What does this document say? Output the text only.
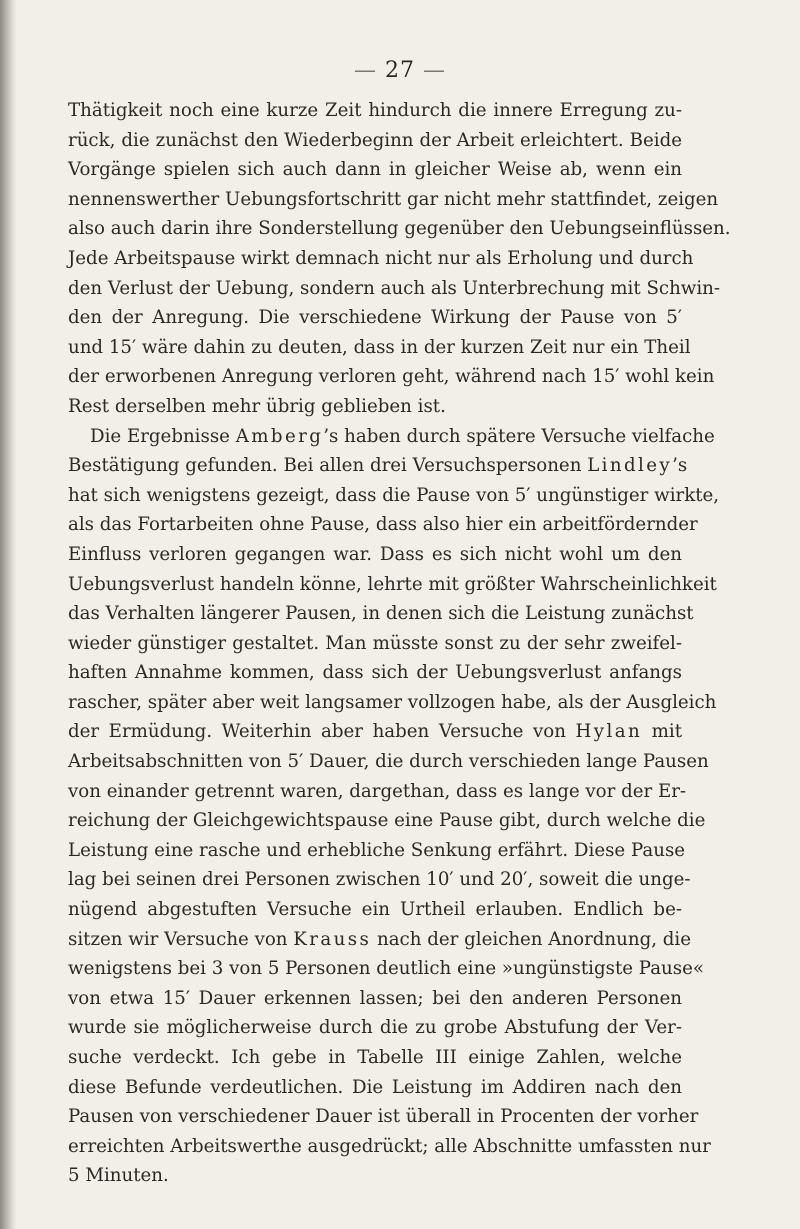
— 27 —
Thätigkeit noch eine kurze Zeit hindurch die innere Erregung zu-
rück, die zunächst den Wiederbeginn der Arbeit erleichtert. Beide
Vorgänge spielen sich auch dann in gleicher Weise ab, wenn ein
nennenswerther Uebungsfortschritt gar nicht mehr stattfindet, zeigen
also auch darin ihre Sonderstellung gegenüber den Uebungseinflüssen.
Jede Arbeitspause wirkt demnach nicht nur als Erholung und durch
den Verlust der Uebung, sondern auch als Unterbrechung mit Schwin-
den der Anregung. Die verschiedene Wirkung der Pause von 5′
und 15′ wäre dahin zu deuten, dass in der kurzen Zeit nur ein Theil
der erworbenen Anregung verloren geht, während nach 15′ wohl kein
Rest derselben mehr übrig geblieben ist.
Die Ergebnisse Amberg’s haben durch spätere Versuche vielfache
Bestätigung gefunden. Bei allen drei Versuchspersonen Lindley’s
hat sich wenigstens gezeigt, dass die Pause von 5′ ungünstiger wirkte,
als das Fortarbeiten ohne Pause, dass also hier ein arbeitfördernder
Einfluss verloren gegangen war. Dass es sich nicht wohl um den
Uebungsverlust handeln könne, lehrte mit größter Wahrscheinlichkeit
das Verhalten längerer Pausen, in denen sich die Leistung zunächst
wieder günstiger gestaltet. Man müsste sonst zu der sehr zweifel-
haften Annahme kommen, dass sich der Uebungsverlust anfangs
rascher, später aber weit langsamer vollzogen habe, als der Ausgleich
der Ermüdung. Weiterhin aber haben Versuche von Hylan mit
Arbeitsabschnitten von 5′ Dauer, die durch verschieden lange Pausen
von einander getrennt waren, dargethan, dass es lange vor der Er-
reichung der Gleichgewichtspause eine Pause gibt, durch welche die
Leistung eine rasche und erhebliche Senkung erfährt. Diese Pause
lag bei seinen drei Personen zwischen 10′ und 20′, soweit die unge-
nügend abgestuften Versuche ein Urtheil erlauben. Endlich be-
sitzen wir Versuche von Krauss nach der gleichen Anordnung, die
wenigstens bei 3 von 5 Personen deutlich eine »ungünstigste Pause«
von etwa 15′ Dauer erkennen lassen; bei den anderen Personen
wurde sie möglicherweise durch die zu grobe Abstufung der Ver-
suche verdeckt. Ich gebe in Tabelle III einige Zahlen, welche
diese Befunde verdeutlichen. Die Leistung im Addiren nach den
Pausen von verschiedener Dauer ist überall in Procenten der vorher
erreichten Arbeitswerthe ausgedrückt; alle Abschnitte umfassten nur
5 Minuten.
